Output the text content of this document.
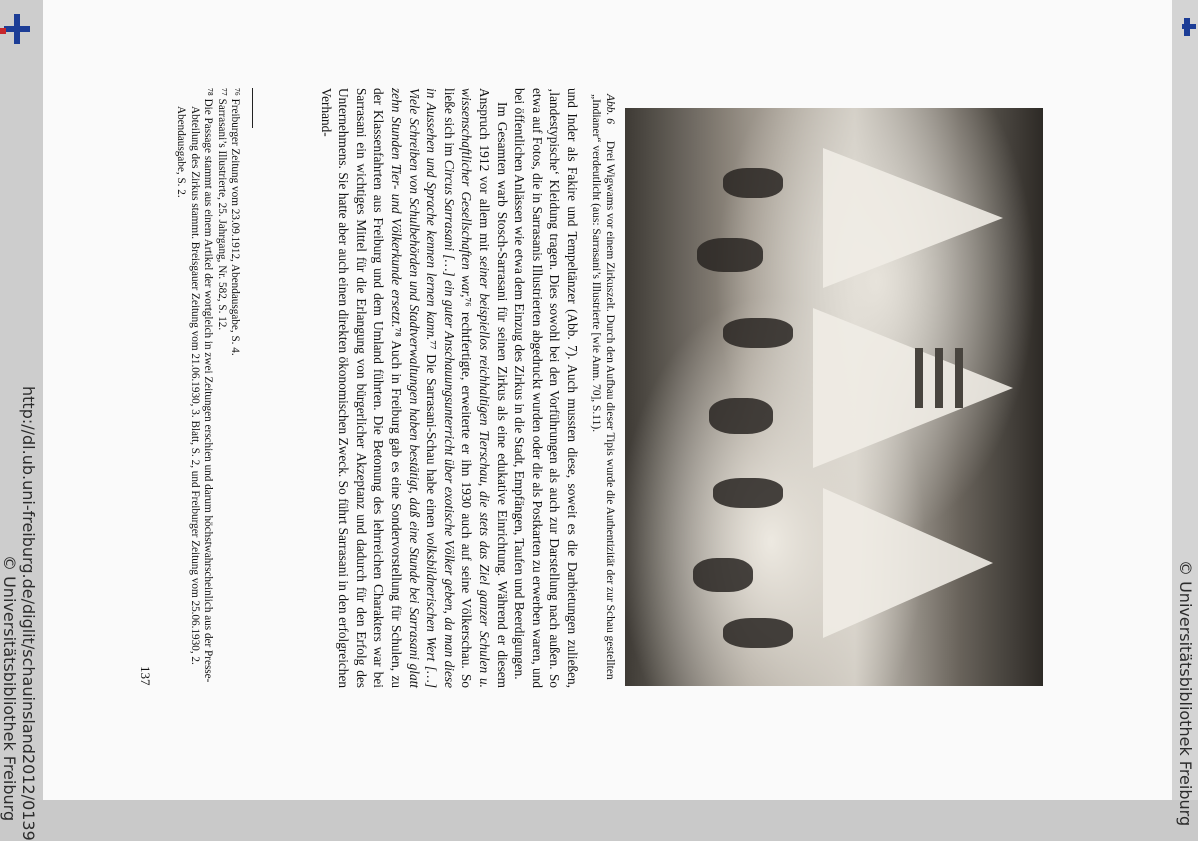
http://dl.ub.uni-freiburg.de/diglit/schauinsland2012/0139
© Universitätsbibliothek Freiburg	© Universitätsbibliothek Freiburg
Abb. 6 Drei Wigwams vor einem Zirkuszelt. Durch den Aufbau dieser Tipis wurde die Authentizität der zur Schau gestellten „Indianer“ verdeutlicht (aus: Sarrasani’s Illustrierte [wie Anm. 70], S.11).

und Inder als Fakire und Tempeltänzer (Abb. 7). Auch mussten diese, soweit es die Darbietungen zuließen, ‚landestypische‘ Kleidung tragen. Dies sowohl bei den Vorführungen als auch zur Darstellung nach außen. So etwa auf Fotos, die in Sarrasanis Illustrierten abgedruckt wurden oder die als Postkarten zu erwerben waren, und bei öffentlichen Anlässen wie etwa dem Einzug des Zirkus in die Stadt, Empfängen, Taufen und Beerdigungen.

Im Gesamten warb Stosch-Sarrasani für seinen Zirkus als eine edukative Einrichtung. Während er diesem Anspruch 1912 vor allem mit seiner beispiellos reichhaltigen Tierschau, die stets das Ziel ganzer Schulen u. wissenschaftlicher Gesellschaften war,⁷⁶ rechtfertigte, erweiterte er ihn 1930 auch auf seine Völkerschau. So ließe sich im Circus Sarrasani […] ein guter Anschauungsunterricht über exotische Völker geben, da man diese in Aussehen und Sprache kennen lernen kann.⁷⁷ Die Sarrasani-Schau habe einen volksbildnerischen Wert […] Viele Schreiben von Schulbehörden und Stadtverwaltungen haben bestätigt, daß eine Stunde bei Sarrasani glatt zehn Stunden Tier- und Völkerkunde ersetzt.⁷⁸ Auch in Freiburg gab es eine Sondervorstellung für Schulen, zu der Klassenfahrten aus Freiburg und dem Umland führten. Die Betonung des lehrreichen Charakters war bei Sarrasani ein wichtiges Mittel für die Erlangung von bürgerlicher Akzeptanz und dadurch für den Erfolg des Unternehmens. Sie hatte aber auch einen direkten ökonomischen Zweck. So führt Sarrasani in den erfolgreichen Verhand-

⁷⁶ Freiburger Zeitung vom 23.09.1912, Abendausgabe, S. 4.
⁷⁷ Sarrasani’s Illustrierte, 25. Jahrgang, Nr. 582, S. 12.
⁷⁸ Die Passage stammt aus einem Artikel der wortgleich in zwei Zeitungen erschien und darum höchstwahrscheinlich aus der Presse-Abteilung des Zirkus stammt. Breisgauer Zeitung vom 21.06.1930, 3. Blatt, S. 2, und Freiburger Zeitung vom 25.06.1930, 2. Abendausgabe, S. 2.
137
